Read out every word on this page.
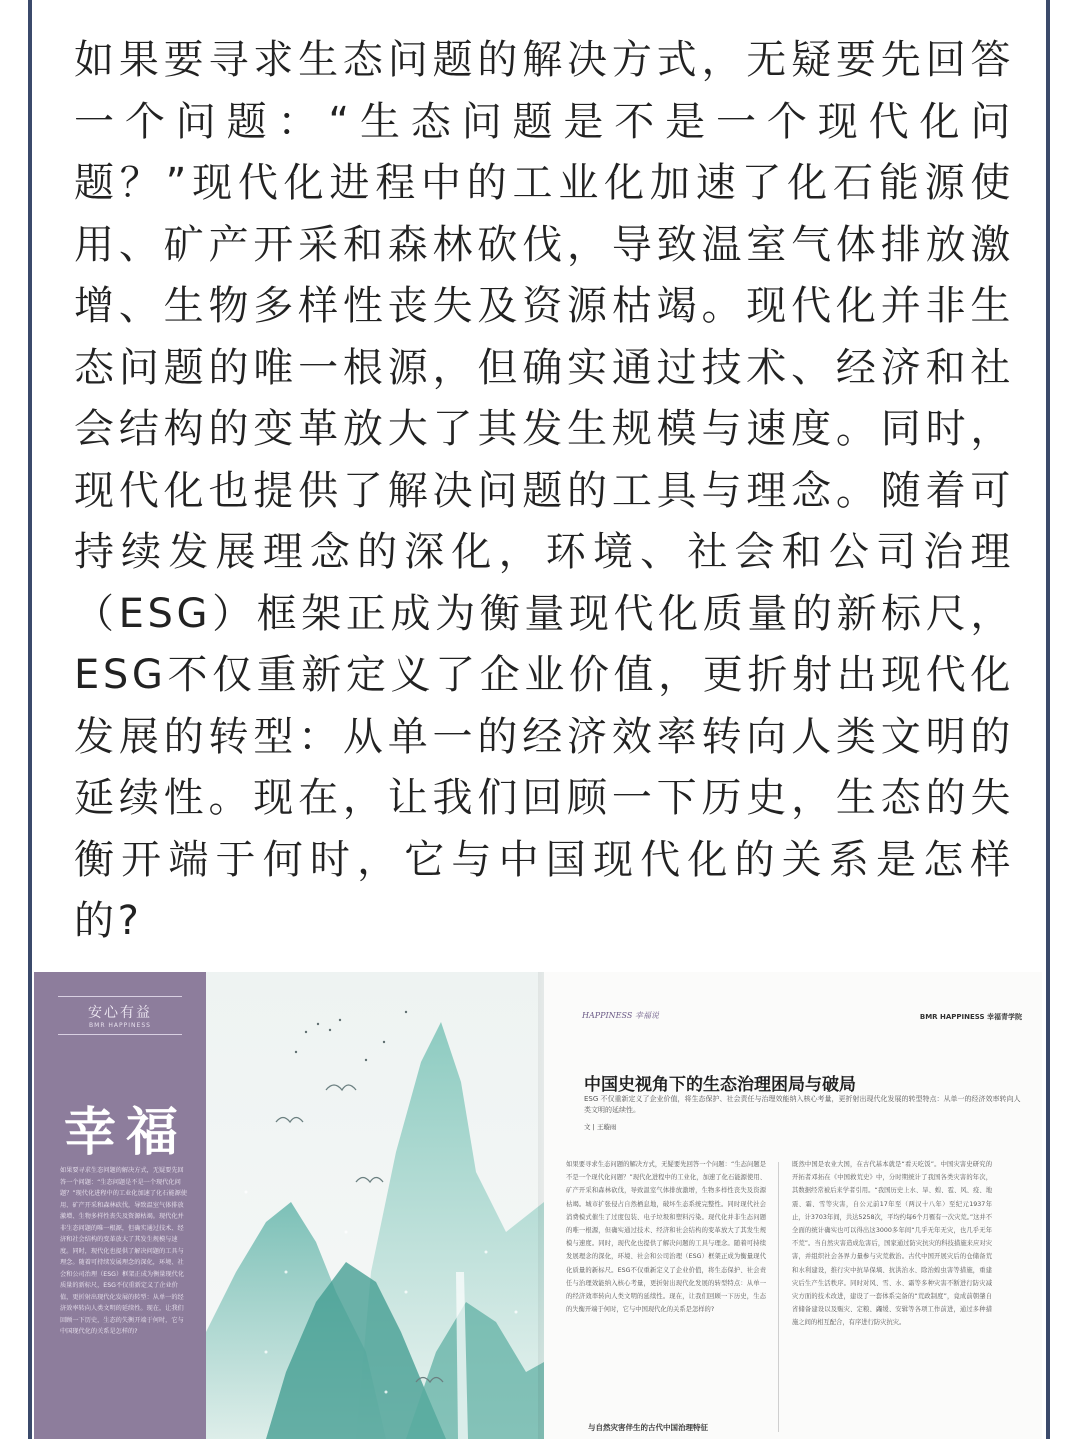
如果要寻求生态问题的解决方式，无疑要先回答一个问题：“生态问题是不是一个现代化问题？”现代化进程中的工业化加速了化石能源使用、矿产开采和森林砍伐，导致温室气体排放激增、生物多样性丧失及资源枯竭。现代化并非生态问题的唯一根源，但确实通过技术、经济和社会结构的变革放大了其发生规模与速度。同时，现代化也提供了解决问题的工具与理念。随着可持续发展理念的深化，环境、社会和公司治理（ESG）框架正成为衡量现代化质量的新标尺，ESG不仅重新定义了企业价值，更折射出现代化发展的转型：从单一的经济效率转向人类文明的延续性。现在，让我们回顾一下历史，生态的失衡开端于何时，它与中国现代化的关系是怎样的?

安心有益
BMR HAPPINESS
幸福

如果要寻求生态问题的解决方式，无疑要先回答一个问题：“生态问题是不是一个现代化问题？”现代化进程中的工业化加速了化石能源使用、矿产开采和森林砍伐，导致温室气体排放激增、生物多样性丧失及资源枯竭。现代化并非生态问题的唯一根源，但确实通过技术、经济和社会结构的变革放大了其发生规模与速度。同时，现代化也提供了解决问题的工具与理念。随着可持续发展理念的深化，环境、社会和公司治理（ESG）框架正成为衡量现代化质量的新标尺，ESG不仅重新定义了企业价值，更折射出现代化发展的转型：从单一的经济效率转向人类文明的延续性。现在，让我们回顾一下历史，生态的失衡开端于何时，它与中国现代化的关系是怎样的?

HAPPINESS 幸福说	BMR HAPPINESS 幸福青学院
中国史视角下的生态治理困局与破局

ESG 不仅重新定义了企业价值，将生态保护、社会责任与治理效能纳入核心考量，更折射出现代化发展的转型特点：从单一的经济效率转向人类文明的延续性。

文 | 王璇雨

如果要寻求生态问题的解决方式，无疑要先回答一个问题：“生态问题是不是一个现代化问题？”现代化进程中的工业化，加速了化石能源使用、矿产开采和森林砍伐，导致温室气体排放激增，生物多样性丧失及资源枯竭。城市扩张侵占自然栖息地，破坏生态系统完整性。同时现代社会消费模式催生了过度包装、电子垃圾和塑料污染。现代化并非生态问题的唯一根源，但确实通过技术、经济和社会结构的变革放大了其发生规模与速度。同时，现代化也提供了解决问题的工具与理念。随着可持续发展理念的深化，环境、社会和公司治理（ESG）框架正成为衡量现代化质量的新标尺。ESG不仅重新定义了企业价值，将生态保护、社会责任与治理效能纳入核心考量，更折射出现代化发展的转型特点：从单一的经济效率转向人类文明的延续性。现在，让我们回顾一下历史，生态的失衡开端于何时，它与中国现代化的关系是怎样的?

既然中国是农业大国，在古代基本就是“看天吃饭”。中国灾害史研究的开拓者邓拓在《中国救荒史》中，分时期统计了我国各类灾害的年次，其数据经常被后来学者引用。“我国历史上水、旱、蝗、雹、风、疫、地震、霜、雪等灾害，自公元前17年至（两汉十八年）至纪元1937年止，计3703年间，共达5258次，平均约每6个月罹有一次灾荒。”这并不全面的统计确实也可以得出这3000多年间“几乎无年无灾，也几乎无年不荒”。当自然灾害造成危害后，国家通过防灾抗灾的科技措施来应对灾害，并组织社会各界力量参与灾荒救治。古代中国开展灾后的仓储备荒和水利建设，推行灾中抗旱保墒、抗洪治水、除治蝗虫害等措施，重建灾后生产生活秩序。同时对风、雪、水、霜等多种灾害不断进行防灾减灾方面的技术改进，建设了一套体系完备的“荒政制度”，竟成前朝肇自省储备建设以及赈灾、定粮、蠲缓、安辑等各项工作前进，通过多种措施之间的相互配合，有序进行防灾抗灾。

与自然灾害伴生的古代中国治理特征
